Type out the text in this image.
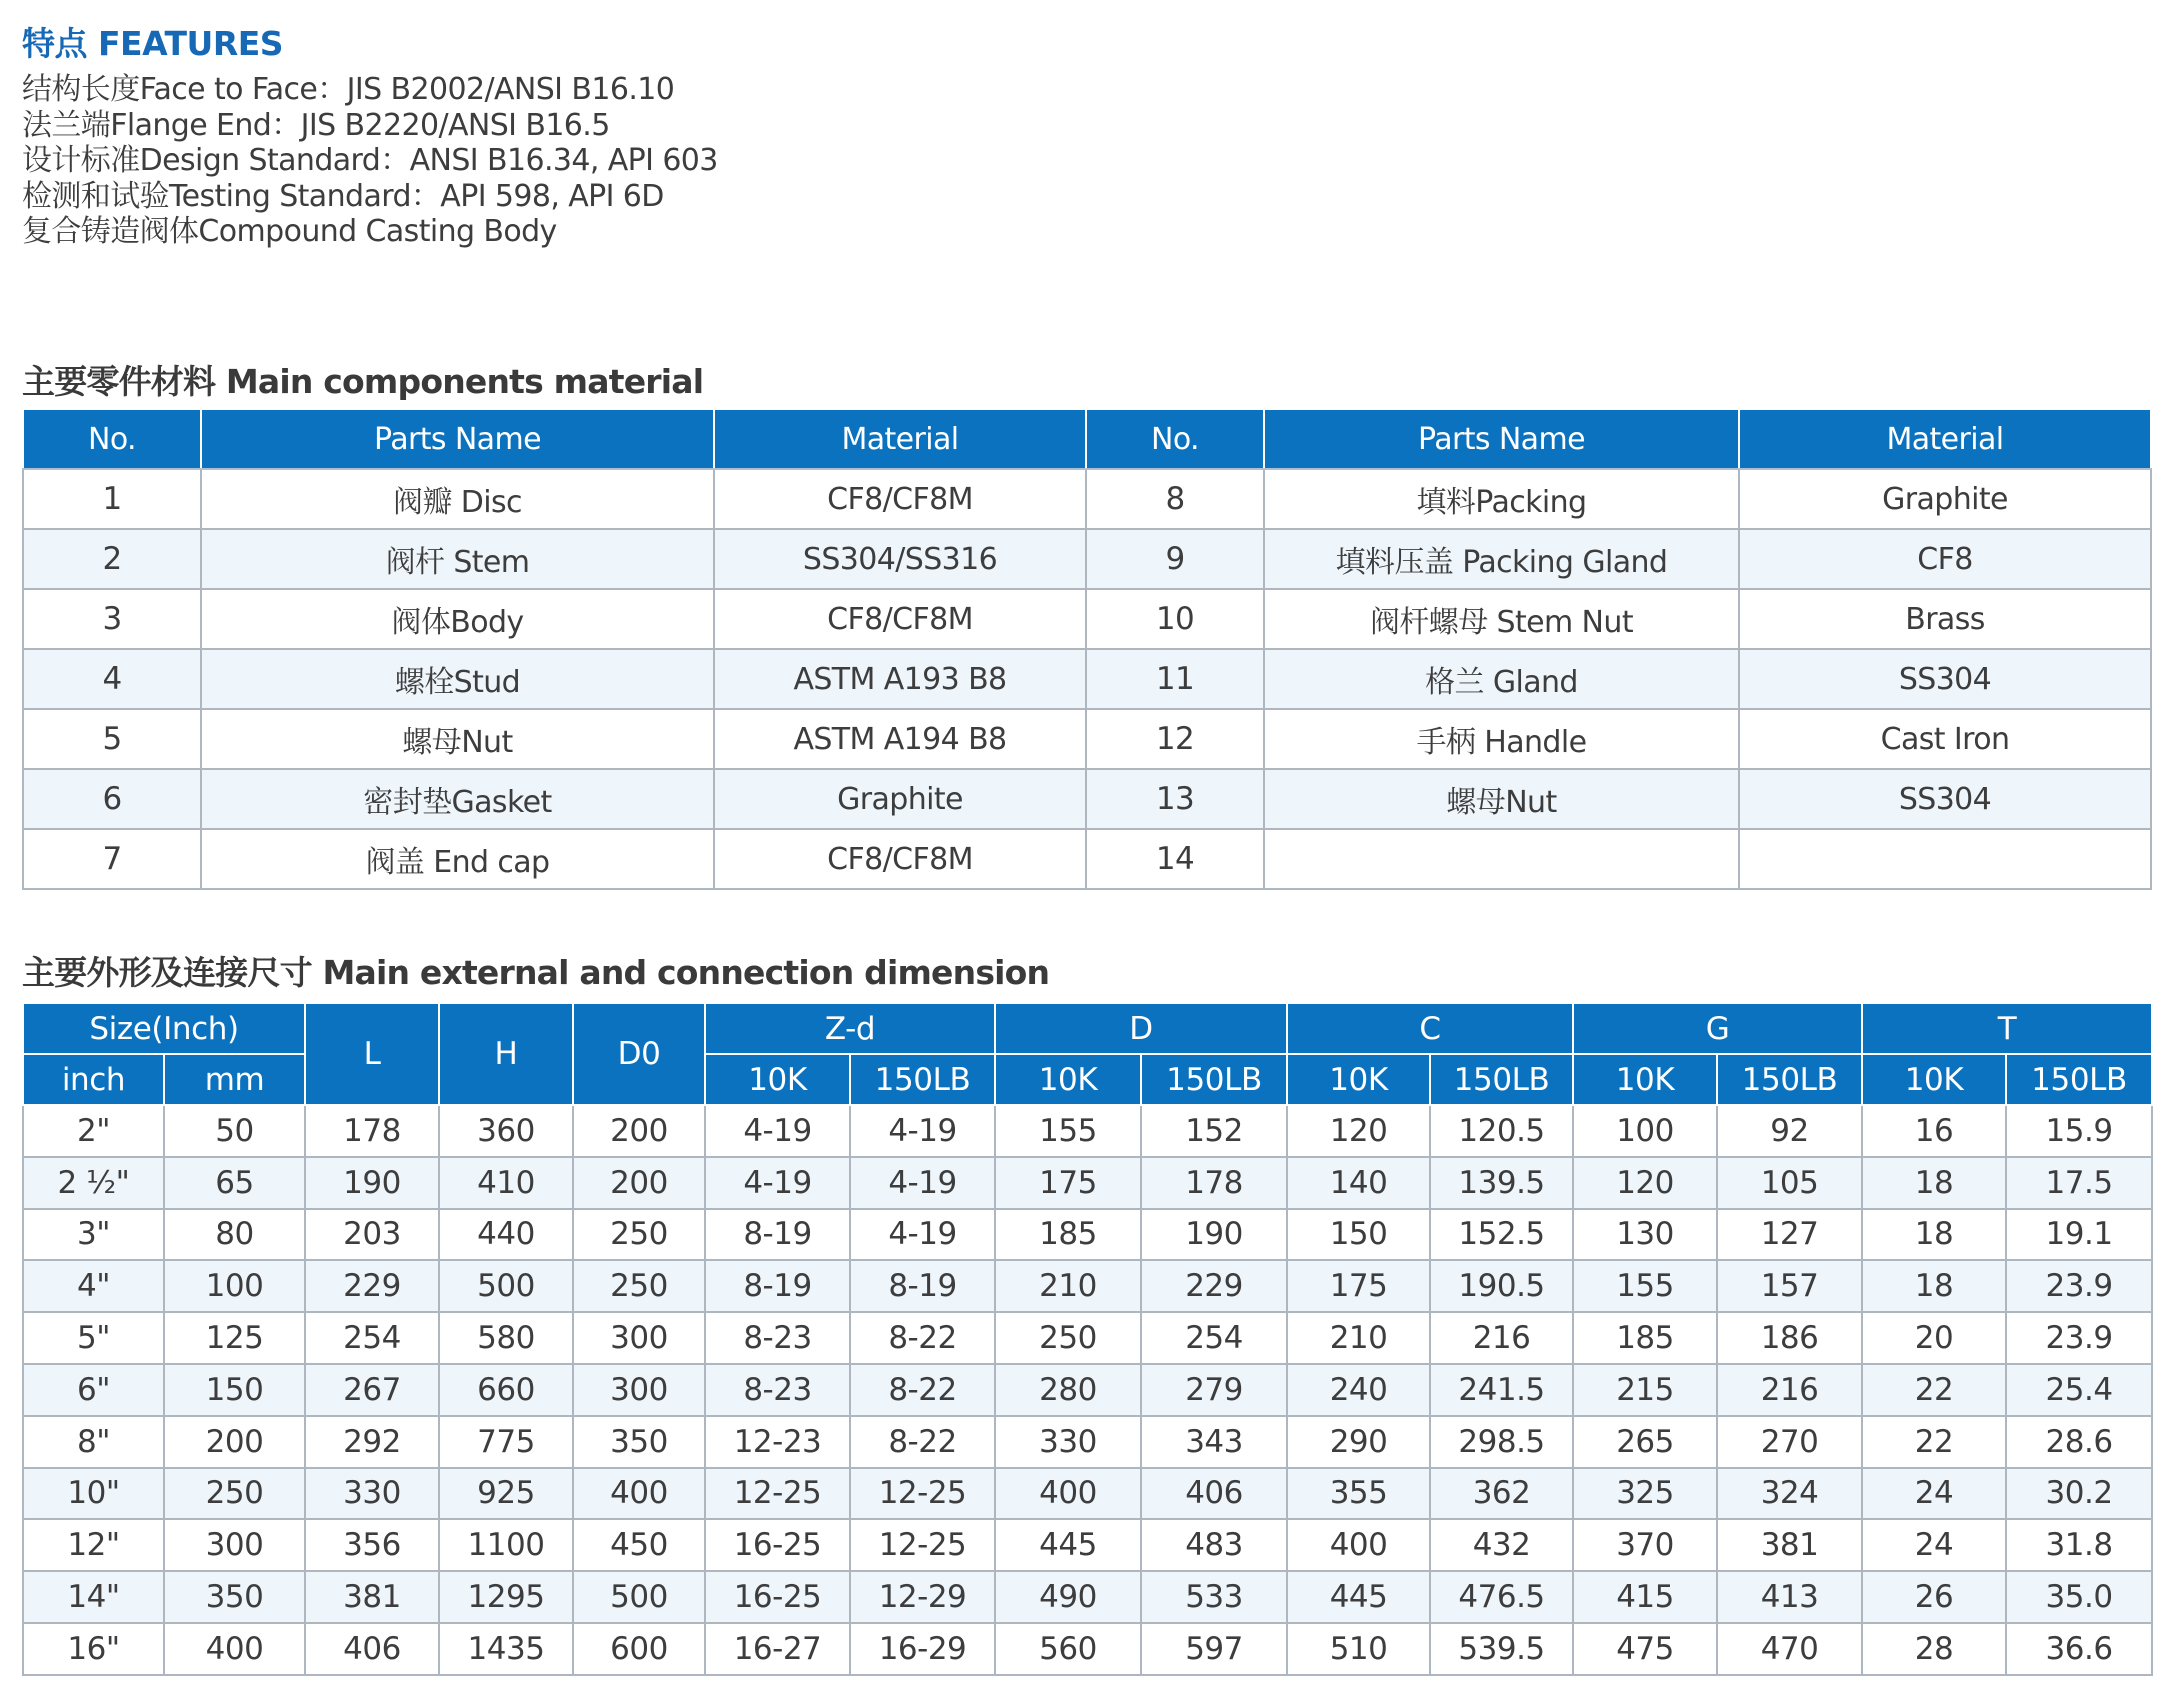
特点 FEATURES
结构长度Face to Face：JIS B2002/ANSI B16.10
法兰端Flange End：JIS B2220/ANSI B16.5
设计标准Design Standard：ANSI B16.34, API 603
检测和试验Testing Standard：API 598, API 6D
复合铸造阀体Compound Casting Body
主要零件材料 Main components material
No.	Parts Name	Material	No.	Parts Name	Material
1	阀瓣 Disc	CF8/CF8M	8	填料Packing	Graphite
2	阀杆 Stem	SS304/SS316	9	填料压盖 Packing Gland	CF8
3	阀体Body	CF8/CF8M	10	阀杆螺母 Stem Nut	Brass
4	螺栓Stud	ASTM A193 B8	11	格兰 Gland	SS304
5	螺母Nut	ASTM A194 B8	12	手柄 Handle	Cast Iron
6	密封垫Gasket	Graphite	13	螺母Nut	SS304
7	阀盖 End cap	CF8/CF8M	14		
主要外形及连接尺寸 Main external and connection dimension
Size(Inch)		L	H	D0	Z-d		D		C		G		T	
inch	mm				10K	150LB	10K	150LB	10K	150LB	10K	150LB	10K	150LB
2"	50	178	360	200	4-19	4-19	155	152	120	120.5	100	92	16	15.9
2 ½"	65	190	410	200	4-19	4-19	175	178	140	139.5	120	105	18	17.5
3"	80	203	440	250	8-19	4-19	185	190	150	152.5	130	127	18	19.1
4"	100	229	500	250	8-19	8-19	210	229	175	190.5	155	157	18	23.9
5"	125	254	580	300	8-23	8-22	250	254	210	216	185	186	20	23.9
6"	150	267	660	300	8-23	8-22	280	279	240	241.5	215	216	22	25.4
8"	200	292	775	350	12-23	8-22	330	343	290	298.5	265	270	22	28.6
10"	250	330	925	400	12-25	12-25	400	406	355	362	325	324	24	30.2
12"	300	356	1100	450	16-25	12-25	445	483	400	432	370	381	24	31.8
14"	350	381	1295	500	16-25	12-29	490	533	445	476.5	415	413	26	35.0
16"	400	406	1435	600	16-27	16-29	560	597	510	539.5	475	470	28	36.6
